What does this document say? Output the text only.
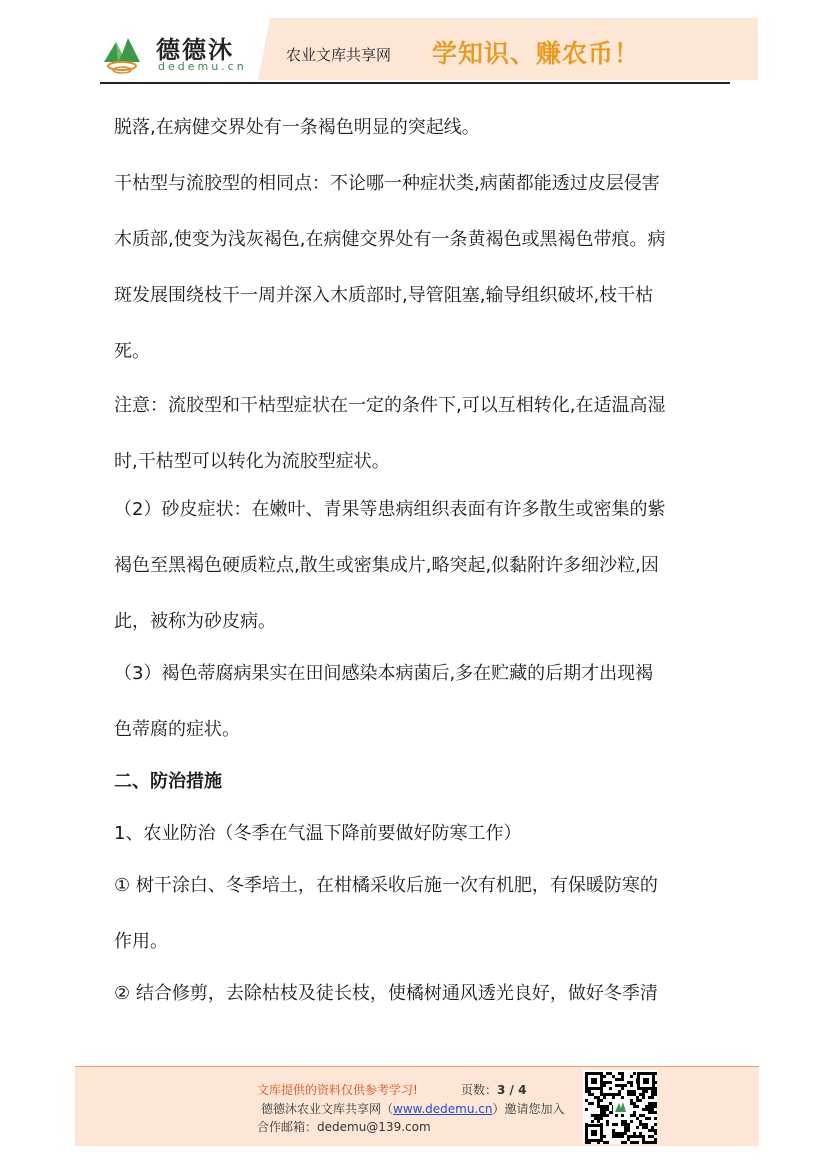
德德沐
dedemu.cn
农业文库共享网 学知识、赚农币！
脱落,在病健交界处有一条褐色明显的突起线。
干枯型与流胶型的相同点：不论哪一种症状类,病菌都能透过皮层侵害
木质部,使变为浅灰褐色,在病健交界处有一条黄褐色或黑褐色带痕。病
斑发展围绕枝干一周并深入木质部时,导管阻塞,输导组织破坏,枝干枯
死。
注意：流胶型和干枯型症状在一定的条件下,可以互相转化,在适温高湿
时,干枯型可以转化为流胶型症状。
（2）砂皮症状：在嫩叶、青果等患病组织表面有许多散生或密集的紫
褐色至黑褐色硬质粒点,散生或密集成片,略突起,似黏附许多细沙粒,因
此，被称为砂皮病。
（3）褐色蒂腐病果实在田间感染本病菌后,多在贮藏的后期才出现褐
色蒂腐的症状。
二、防治措施
1、农业防治（冬季在气温下降前要做好防寒工作）
① 树干涂白、冬季培土，在柑橘采收后施一次有机肥，有保暖防寒的
作用。
② 结合修剪，去除枯枝及徒长枝，使橘树通风透光良好，做好冬季清
文库提供的资料仅供参考学习!	页数：3 / 4
德德沐农业文库共享网（www.dedemu.cn）邀请您加入
合作邮箱：dedemu@139.com
